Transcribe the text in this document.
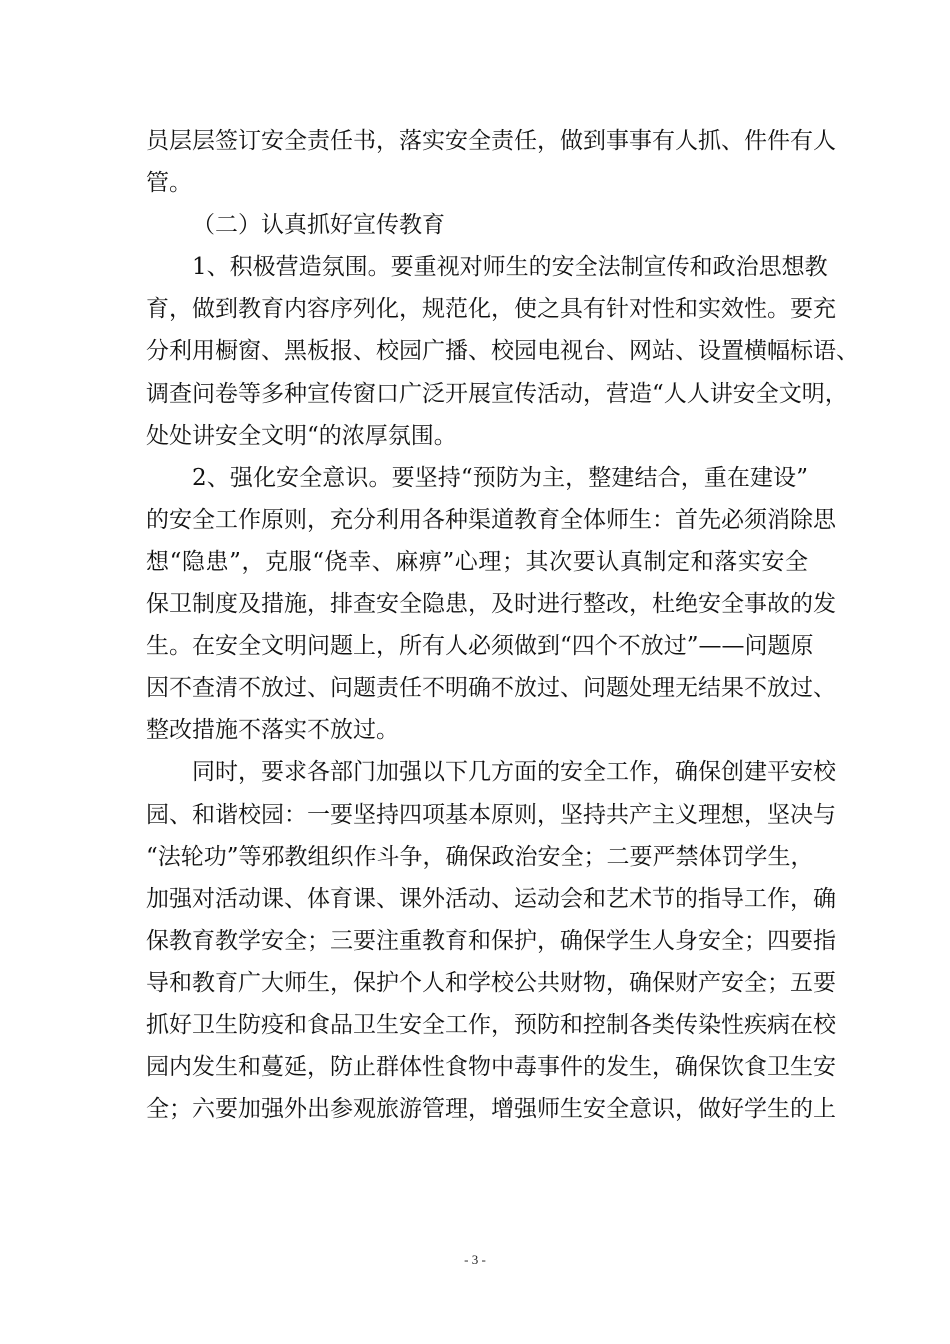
员层层签订安全责任书，落实安全责任，做到事事有人抓、件件有人
管。
（二）认真抓好宣传教育
1、积极营造氛围。要重视对师生的安全法制宣传和政治思想教
育，做到教育内容序列化，规范化，使之具有针对性和实效性。要充
分利用橱窗、黑板报、校园广播、校园电视台、网站、设置横幅标语、
调查问卷等多种宣传窗口广泛开展宣传活动，营造“人人讲安全文明，
处处讲安全文明“的浓厚氛围。
2、强化安全意识。要坚持“预防为主，整建结合，重在建设”
的安全工作原则，充分利用各种渠道教育全体师生：首先必须消除思
想“隐患”，克服“侥幸、麻痹”心理；其次要认真制定和落实安全
保卫制度及措施，排查安全隐患，及时进行整改，杜绝安全事故的发
生。在安全文明问题上，所有人必须做到“四个不放过”——问题原
因不查清不放过、问题责任不明确不放过、问题处理无结果不放过、
整改措施不落实不放过。
同时，要求各部门加强以下几方面的安全工作，确保创建平安校
园、和谐校园：一要坚持四项基本原则，坚持共产主义理想，坚决与
“法轮功”等邪教组织作斗争，确保政治安全；二要严禁体罚学生，
加强对活动课、体育课、课外活动、运动会和艺术节的指导工作，确
保教育教学安全；三要注重教育和保护，确保学生人身安全；四要指
导和教育广大师生，保护个人和学校公共财物，确保财产安全；五要
抓好卫生防疫和食品卫生安全工作，预防和控制各类传染性疾病在校
园内发生和蔓延，防止群体性食物中毒事件的发生，确保饮食卫生安
全；六要加强外出参观旅游管理，增强师生安全意识，做好学生的上
- 3 -
